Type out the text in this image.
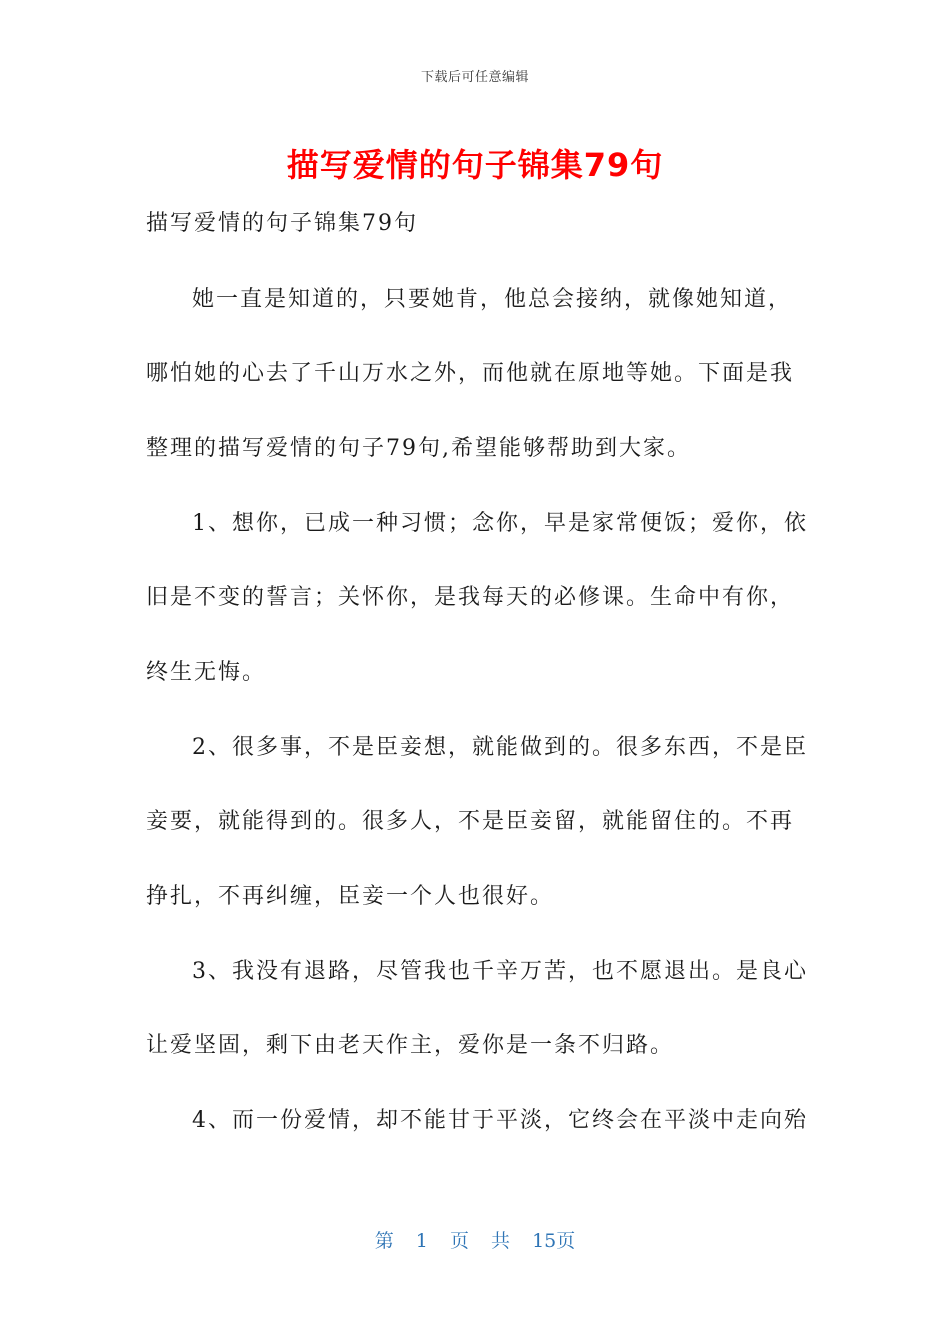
下载后可任意编辑
描写爱情的句子锦集79句
描写爱情的句子锦集79句
她一直是知道的，只要她肯，他总会接纳，就像她知道，
哪怕她的心去了千山万水之外，而他就在原地等她。下面是我
整理的描写爱情的句子79句,希望能够帮助到大家。
1、想你，已成一种习惯；念你，早是家常便饭；爱你，依
旧是不变的誓言；关怀你，是我每天的必修课。生命中有你，
终生无悔。
2、很多事，不是臣妾想，就能做到的。很多东西，不是臣
妾要，就能得到的。很多人，不是臣妾留，就能留住的。不再
挣扎，不再纠缠，臣妾一个人也很好。
3、我没有退路，尽管我也千辛万苦，也不愿退出。是良心
让爱坚固，剩下由老天作主，爱你是一条不归路。
4、而一份爱情，却不能甘于平淡，它终会在平淡中走向殆
第 1 页 共 15页
